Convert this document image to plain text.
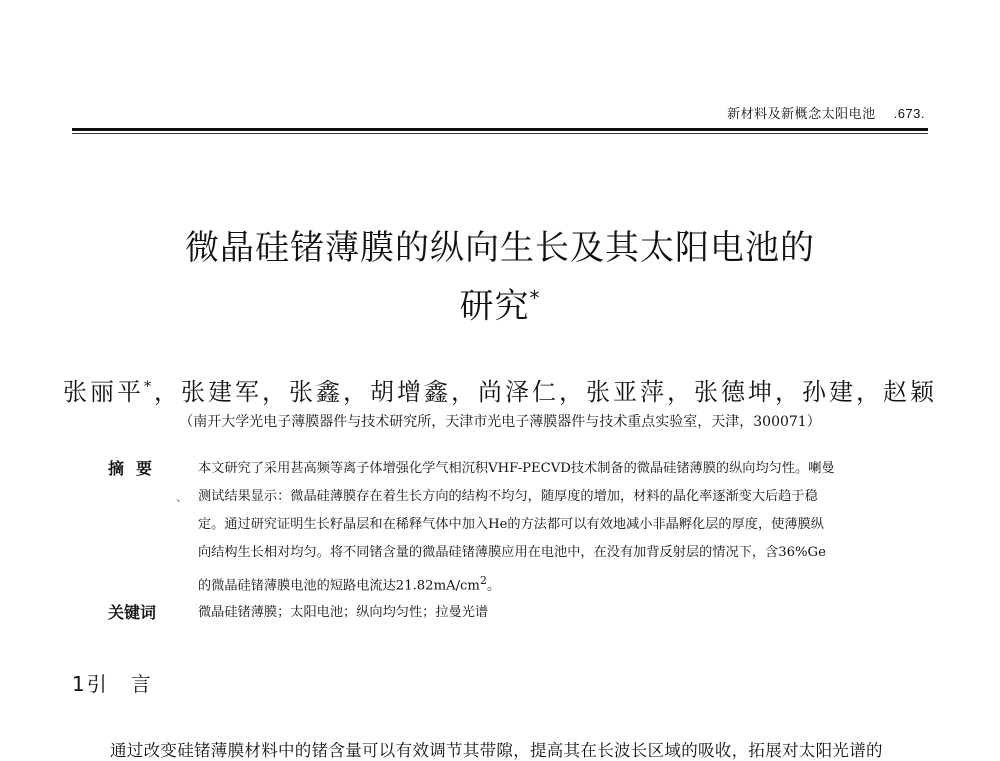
新材料及新概念太阳电池 .673.
微晶硅锗薄膜的纵向生长及其太阳电池的
研究*
张丽平*，张建军，张鑫，胡增鑫，尚泽仁，张亚萍，张德坤，孙建，赵颖
（南开大学光电子薄膜器件与技术研究所，天津市光电子薄膜器件与技术重点实验室，天津，300071）
摘要
、
本文研究了采用甚高频等离子体增强化学气相沉积VHF-PECVD技术制备的微晶硅锗薄膜的纵向均匀性。喇曼
测试结果显示：微晶硅薄膜存在着生长方向的结构不均匀，随厚度的增加，材料的晶化率逐渐变大后趋于稳
定。通过研究证明生长籽晶层和在稀释气体中加入He的方法都可以有效地减小非晶孵化层的厚度，使薄膜纵
向结构生长相对均匀。将不同锗含量的微晶硅锗薄膜应用在电池中，在没有加背反射层的情况下，含36%Ge
的微晶硅锗薄膜电池的短路电流达$21.82mA/cm^2$。
关键词	微晶硅锗薄膜；太阳电池；纵向均匀性；拉曼光谱
1引 言
通过改变硅锗薄膜材料中的锗含量可以有效调节其带隙，提高其在长波长区域的吸收，拓展对太阳光谱的
